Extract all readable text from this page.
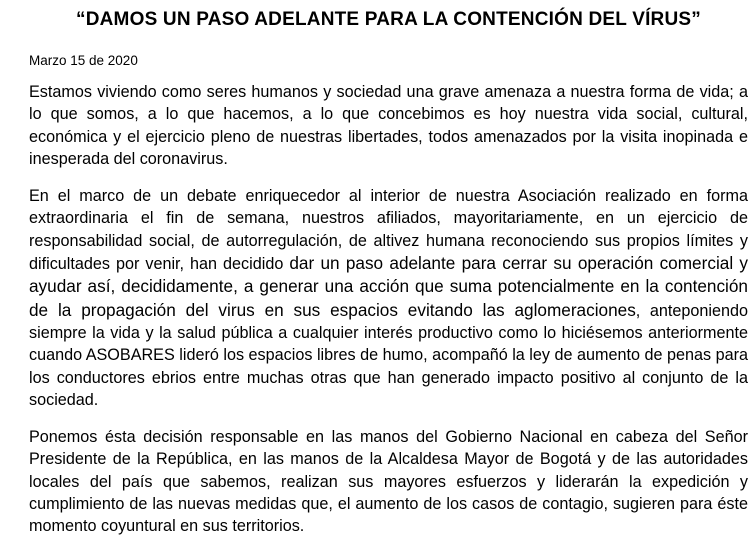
“DAMOS UN PASO ADELANTE PARA LA CONTENCIÓN DEL VÍRUS”

Marzo 15 de 2020

Estamos viviendo como seres humanos y sociedad una grave amenaza a nuestra forma de vida; a lo que somos, a lo que hacemos, a lo que concebimos es hoy nuestra vida social, cultural, económica y el ejercicio pleno de nuestras libertades, todos amenazados por la visita inopinada e inesperada del coronavirus.

En el marco de un debate enriquecedor al interior de nuestra Asociación realizado en forma extraordinaria el fin de semana, nuestros afiliados, mayoritariamente, en un ejercicio de responsabilidad social, de autorregulación, de altivez humana reconociendo sus propios límites y dificultades por venir, han decidido dar un paso adelante para cerrar su operación comercial y ayudar así, decididamente, a generar una acción que suma potencialmente en la contención de la propagación del virus en sus espacios evitando las aglomeraciones, anteponiendo siempre la vida y la salud pública a cualquier interés productivo como lo hiciésemos anteriormente cuando ASOBARES lideró los espacios libres de humo, acompañó la ley de aumento de penas para los conductores ebrios entre muchas otras que han generado impacto positivo al conjunto de la sociedad.

Ponemos ésta decisión responsable en las manos del Gobierno Nacional en cabeza del Señor Presidente de la República, en las manos de la Alcaldesa Mayor de Bogotá y de las autoridades locales del país que sabemos, realizan sus mayores esfuerzos y liderarán la expedición y cumplimiento de las nuevas medidas que, el aumento de los casos de contagio, sugieren para éste momento coyuntural en sus territorios.
